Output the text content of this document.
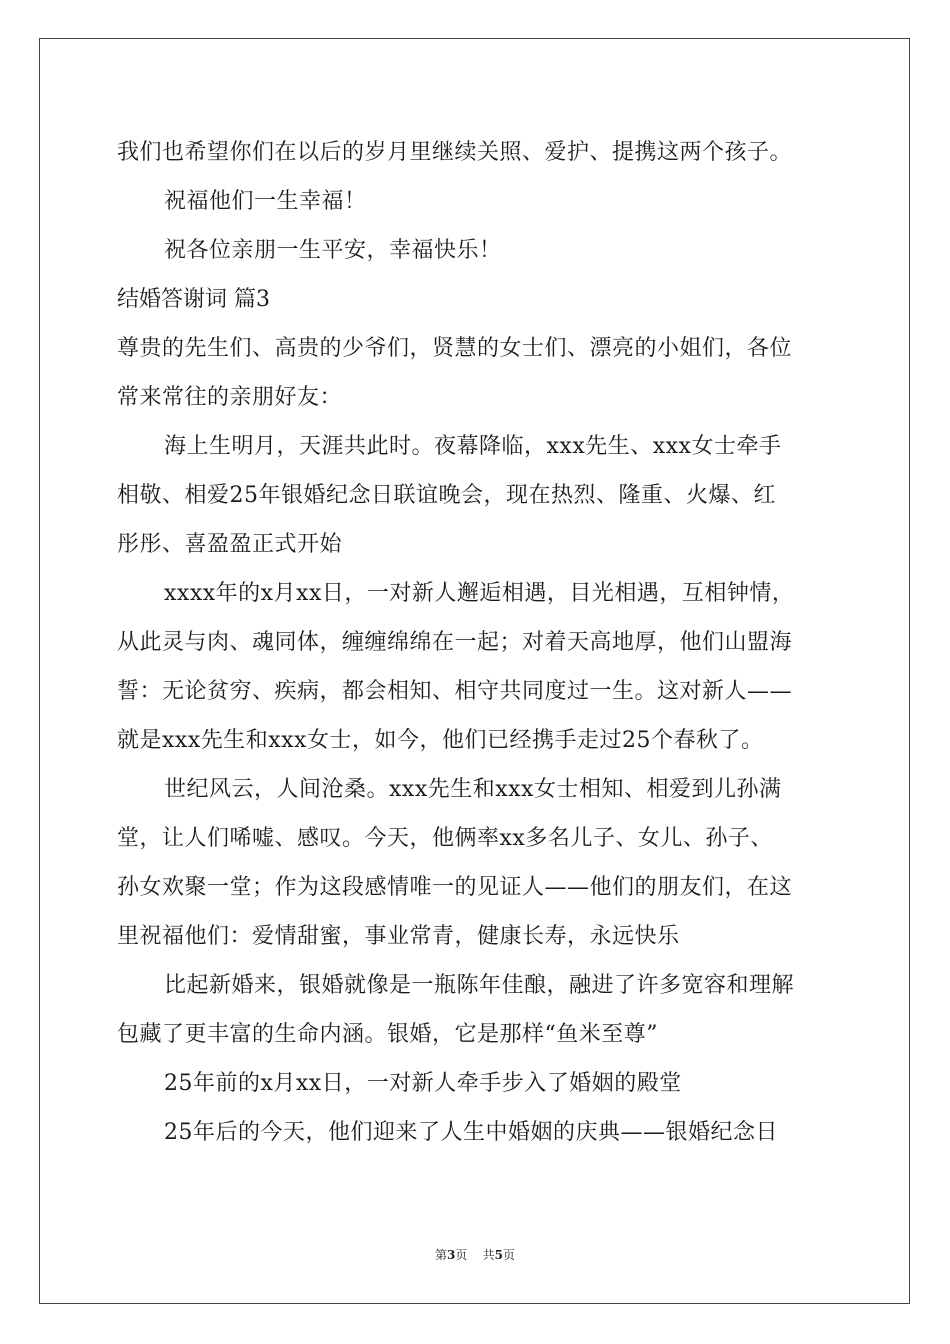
我们也希望你们在以后的岁月里继续关照、爱护、提携这两个孩子。
祝福他们一生幸福！
祝各位亲朋一生平安，幸福快乐！
结婚答谢词 篇3
尊贵的先生们、高贵的少爷们，贤慧的女士们、漂亮的小姐们，各位
常来常往的亲朋好友：
海上生明月，天涯共此时。夜幕降临，xxx先生、xxx女士牵手
相敬、相爱25年银婚纪念日联谊晚会，现在热烈、隆重、火爆、红
彤彤、喜盈盈正式开始
xxxx年的x月xx日，一对新人邂逅相遇，目光相遇，互相钟情，
从此灵与肉、魂同体，缠缠绵绵在一起；对着天高地厚，他们山盟海
誓：无论贫穷、疾病，都会相知、相守共同度过一生。这对新人——
就是xxx先生和xxx女士，如今，他们已经携手走过25个春秋了。
世纪风云，人间沧桑。xxx先生和xxx女士相知、相爱到儿孙满
堂，让人们唏嘘、感叹。今天，他俩率xx多名儿子、女儿、孙子、
孙女欢聚一堂；作为这段感情唯一的见证人——他们的朋友们，在这
里祝福他们：爱情甜蜜，事业常青，健康长寿，永远快乐
比起新婚来，银婚就像是一瓶陈年佳酿，融进了许多宽容和理解
包藏了更丰富的生命内涵。银婚，它是那样“鱼米至尊”
25年前的x月xx日，一对新人牵手步入了婚姻的殿堂
25年后的今天，他们迎来了人生中婚姻的庆典——银婚纪念日
第3页 共5页
